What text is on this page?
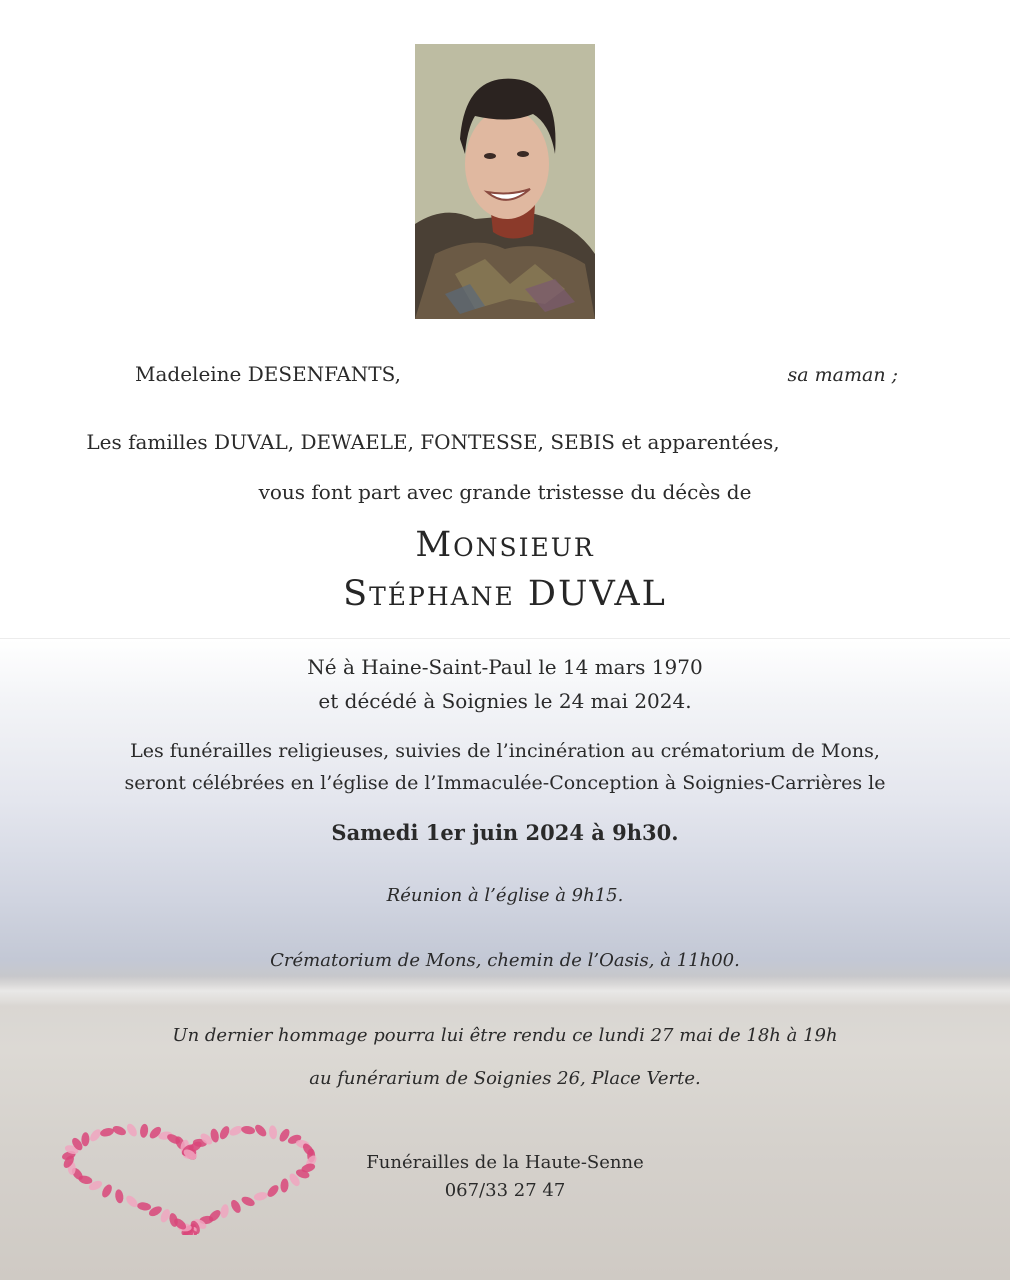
Madeleine DESENFANTS,	sa maman ;
Les familles DUVAL, DEWAELE, FONTESSE, SEBIS et apparentées,
vous font part avec grande tristesse du décès de
Monsieur
Stéphane DUVAL
Né à Haine-Saint-Paul le 14 mars 1970
et décédé à Soignies le 24 mai 2024.
Les funérailles religieuses, suivies de l’incinération au crématorium de Mons,
seront célébrées en l’église de l’Immaculée-Conception à Soignies-Carrières le
Samedi 1er juin 2024 à 9h30.
Réunion à l’église à 9h15.
Crématorium de Mons, chemin de l’Oasis, à 11h00.
Un dernier hommage pourra lui être rendu ce lundi 27 mai de 18h à 19h
au funérarium de Soignies 26, Place Verte.
Funérailles de la Haute-Senne
067/33 27 47
